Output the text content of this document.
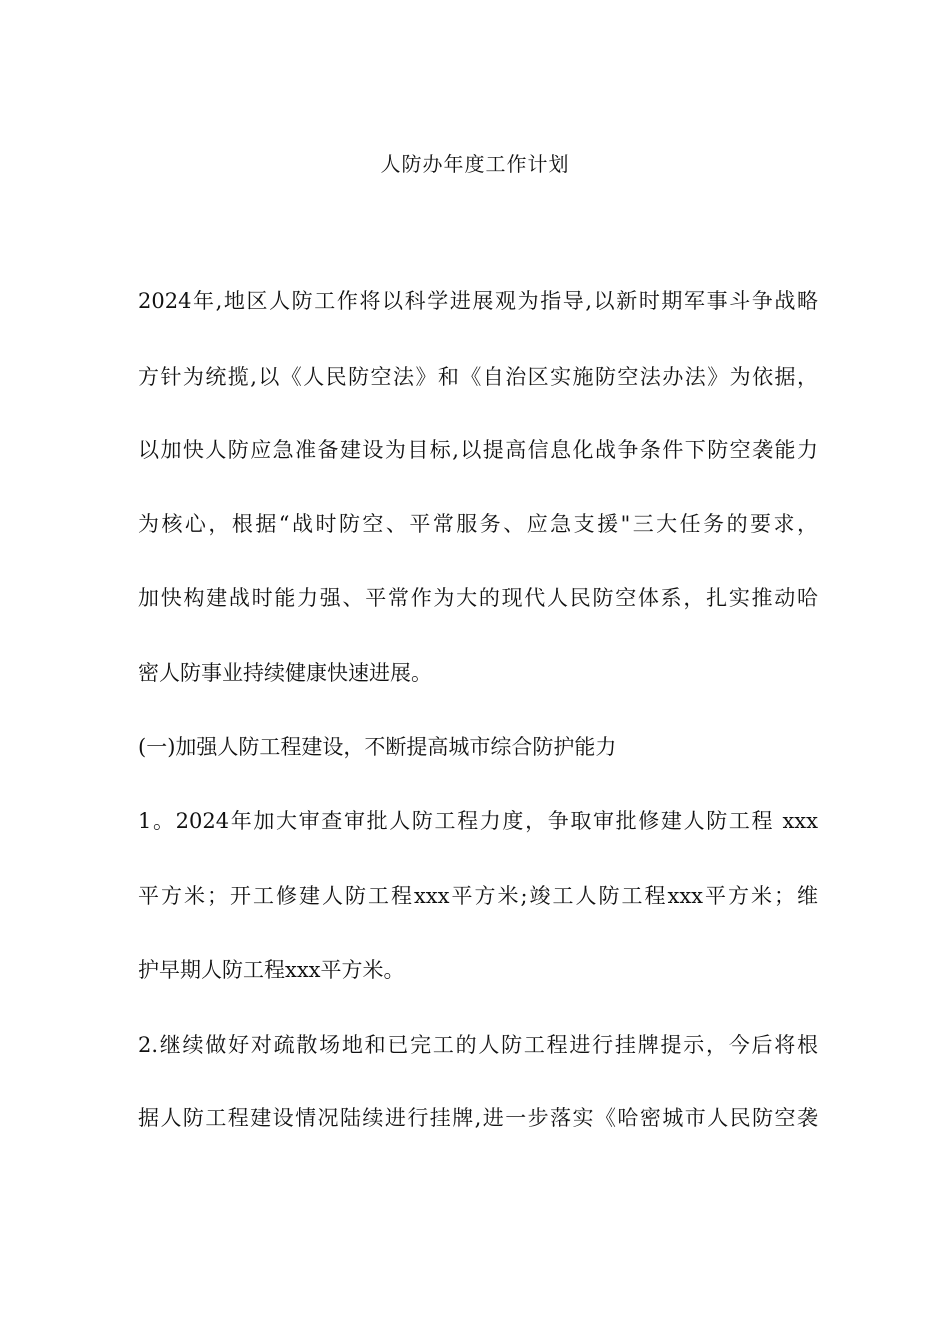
人防办年度工作计划
2024年,地区人防工作将以科学进展观为指导,以新时期军事斗争战略
方针为统揽,以《人民防空法》和《自治区实施防空法办法》为依据，
以加快人防应急准备建设为目标,以提高信息化战争条件下防空袭能力
为核心，根据“战时防空、平常服务、应急支援"三大任务的要求，
加快构建战时能力强、平常作为大的现代人民防空体系，扎实推动哈
密人防事业持续健康快速进展。
(一)加强人防工程建设，不断提高城市综合防护能力
1。2024年加大审查审批人防工程力度，争取审批修建人防工程 xxx
平方米；开工修建人防工程xxx平方米;竣工人防工程xxx平方米；维
护早期人防工程xxx平方米。
2.继续做好对疏散场地和已完工的人防工程进行挂牌提示，今后将根
据人防工程建设情况陆续进行挂牌,进一步落实《哈密城市人民防空袭
